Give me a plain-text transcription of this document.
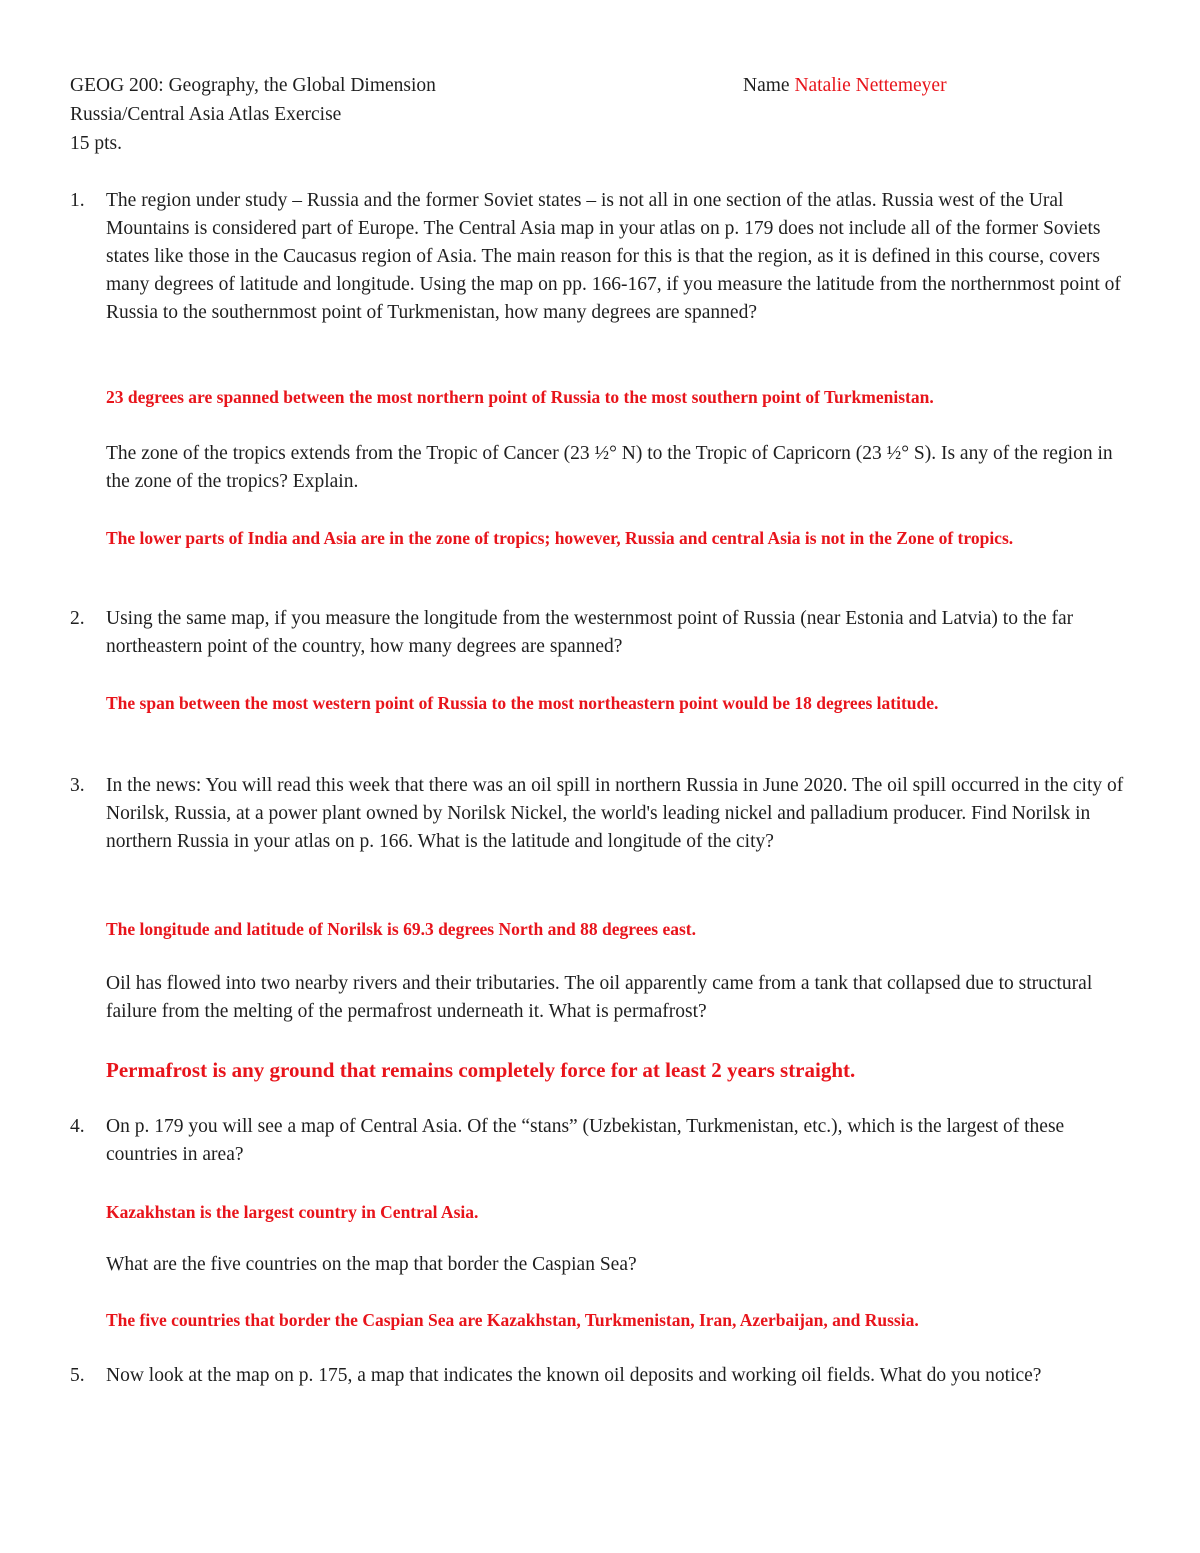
GEOG 200: Geography, the Global Dimension	Name Natalie Nettemeyer
Russia/Central Asia Atlas Exercise
15 pts.
1.	The region under study – Russia and the former Soviet states – is not all in one section of the atlas. Russia west of the Ural Mountains is considered part of Europe. The Central Asia map in your atlas on p. 179 does not include all of the former Soviets states like those in the Caucasus region of Asia. The main reason for this is that the region, as it is defined in this course, covers many degrees of latitude and longitude. Using the map on pp. 166-167, if you measure the latitude from the northernmost point of Russia to the southernmost point of Turkmenistan, how many degrees are spanned?
23 degrees are spanned between the most northern point of Russia to the most southern point of Turkmenistan.
The zone of the tropics extends from the Tropic of Cancer (23 ½° N) to the Tropic of Capricorn (23 ½° S). Is any of the region in the zone of the tropics? Explain.
The lower parts of India and Asia are in the zone of tropics; however, Russia and central Asia is not in the Zone of tropics.
2.	Using the same map, if you measure the longitude from the westernmost point of Russia (near Estonia and Latvia) to the far northeastern point of the country, how many degrees are spanned?
The span between the most western point of Russia to the most northeastern point would be 18 degrees latitude.
3.	In the news: You will read this week that there was an oil spill in northern Russia in June 2020. The oil spill occurred in the city of Norilsk, Russia, at a power plant owned by Norilsk Nickel, the world's leading nickel and palladium producer. Find Norilsk in northern Russia in your atlas on p. 166. What is the latitude and longitude of the city?
The longitude and latitude of Norilsk is 69.3 degrees North and 88 degrees east.
Oil has flowed into two nearby rivers and their tributaries. The oil apparently came from a tank that collapsed due to structural failure from the melting of the permafrost underneath it. What is permafrost?
Permafrost is any ground that remains completely force for at least 2 years straight.
4.	On p. 179 you will see a map of Central Asia. Of the “stans” (Uzbekistan, Turkmenistan, etc.), which is the largest of these countries in area?
Kazakhstan is the largest country in Central Asia.
What are the five countries on the map that border the Caspian Sea?
The five countries that border the Caspian Sea are Kazakhstan, Turkmenistan, Iran, Azerbaijan, and Russia.
5.	Now look at the map on p. 175, a map that indicates the known oil deposits and working oil fields. What do you notice?
